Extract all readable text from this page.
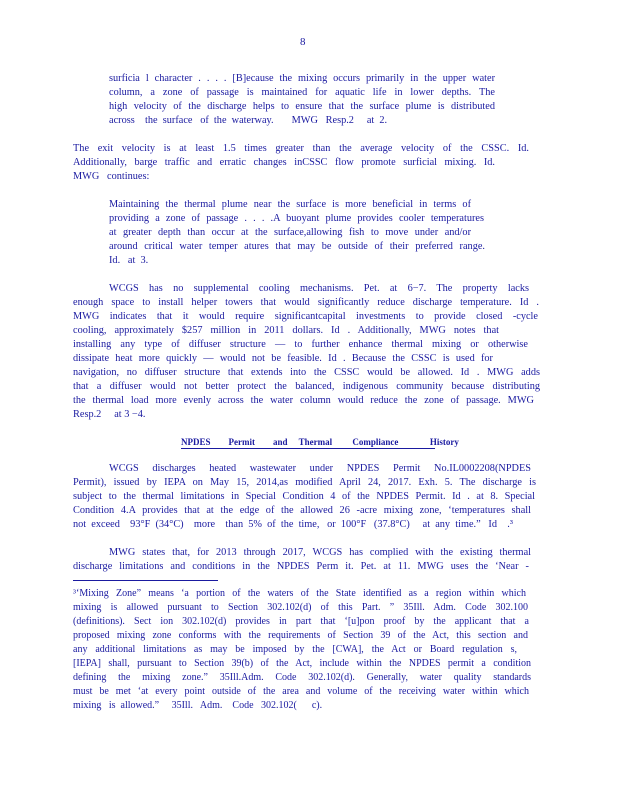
8
surficia l character . . . . [B]ecause the mixing occurs primarily in the upper water
column, a zone of passage is maintained for aquatic life in lower depths. The
high velocity of the discharge helps to ensure that the surface plume is distributed
across    the  surface   of  the  waterway.       MWG   Resp.2     at  2.
The exit velocity is at least 1.5 times greater than the average velocity of the CSSC. Id.
Additionally, barge traffic and erratic changes inCSSC flow promote surficial mixing. Id.
MWG   continues:
Maintaining the thermal plume near the surface is more beneficial in terms of
providing a zone of passage . . . .A buoyant plume provides cooler temperatures
at greater depth than occur at the surface,allowing fish to move under and/or
around critical water temper atures that may be outside of their preferred range.
Id.   at  3.
WCGS has no supplemental cooling mechanisms. Pet. at 6−7. The property lacks
enough space to install helper towers that would significantly reduce discharge temperature. Id .
MWG indicates that it would require significantcapital investments to provide closed -cycle
cooling, approximately $257 million in 2011 dollars. Id . Additionally, MWG notes that
installing any type of diffuser structure — to further enhance thermal mixing or otherwise
dissipate heat more quickly — would not be feasible. Id . Because the CSSC is used for
navigation, no diffuser structure that extends into the CSSC would be allowed. Id . MWG adds
that a diffuser would not better protect the balanced, indigenous community because distributing
the thermal load more evenly across the water column would reduce the zone of passage. MWG
Resp.2     at 3 −4.
NPDES        Permit        and     Thermal         Compliance              History
WCGS discharges heated wastewater under NPDES Permit No.IL0002208(NPDES
Permit), issued by IEPA on May 15, 2014,as modified April 24, 2017. Exh. 5. The discharge is
subject to the thermal limitations in Special Condition 4 of the NPDES Permit. Id . at 8. Special
Condition 4.A provides that at the edge of the allowed 26 -acre mixing zone, ‘temperatures shall
not  exceed    93°F  (34°C)    more    than  5%  of  the  time,   or  100°F   (37.8°C)     at  any  time.”   Id    .³
MWG states that, for 2013 through 2017, WCGS has complied with the existing thermal
discharge limitations and conditions in the NPDES Perm it. Pet. at 11. MWG uses the ‘Near -
³‘Mixing Zone” means ‘a portion of the waters of the State identified as a region within which
mixing is allowed pursuant to Section 302.102(d) of this Part. ” 35Ill. Adm. Code 302.100
(definitions). Sect ion 302.102(d) provides in part that ‘[u]pon proof by the applicant that a
proposed mixing zone conforms with the requirements of Section 39 of the Act, this section and
any additional limitations as may be imposed by the [CWA], the Act or Board regulation s,
[IEPA] shall, pursuant to Section 39(b) of the Act, include within the NPDES permit a condition
defining the mixing zone.” 35Ill.Adm. Code 302.102(d). Generally, water quality standards
must be met ‘at every point outside of the area and volume of the receiving water within which
mixing   is  allowed.”     35Ill.   Adm.    Code   302.102(      c).
